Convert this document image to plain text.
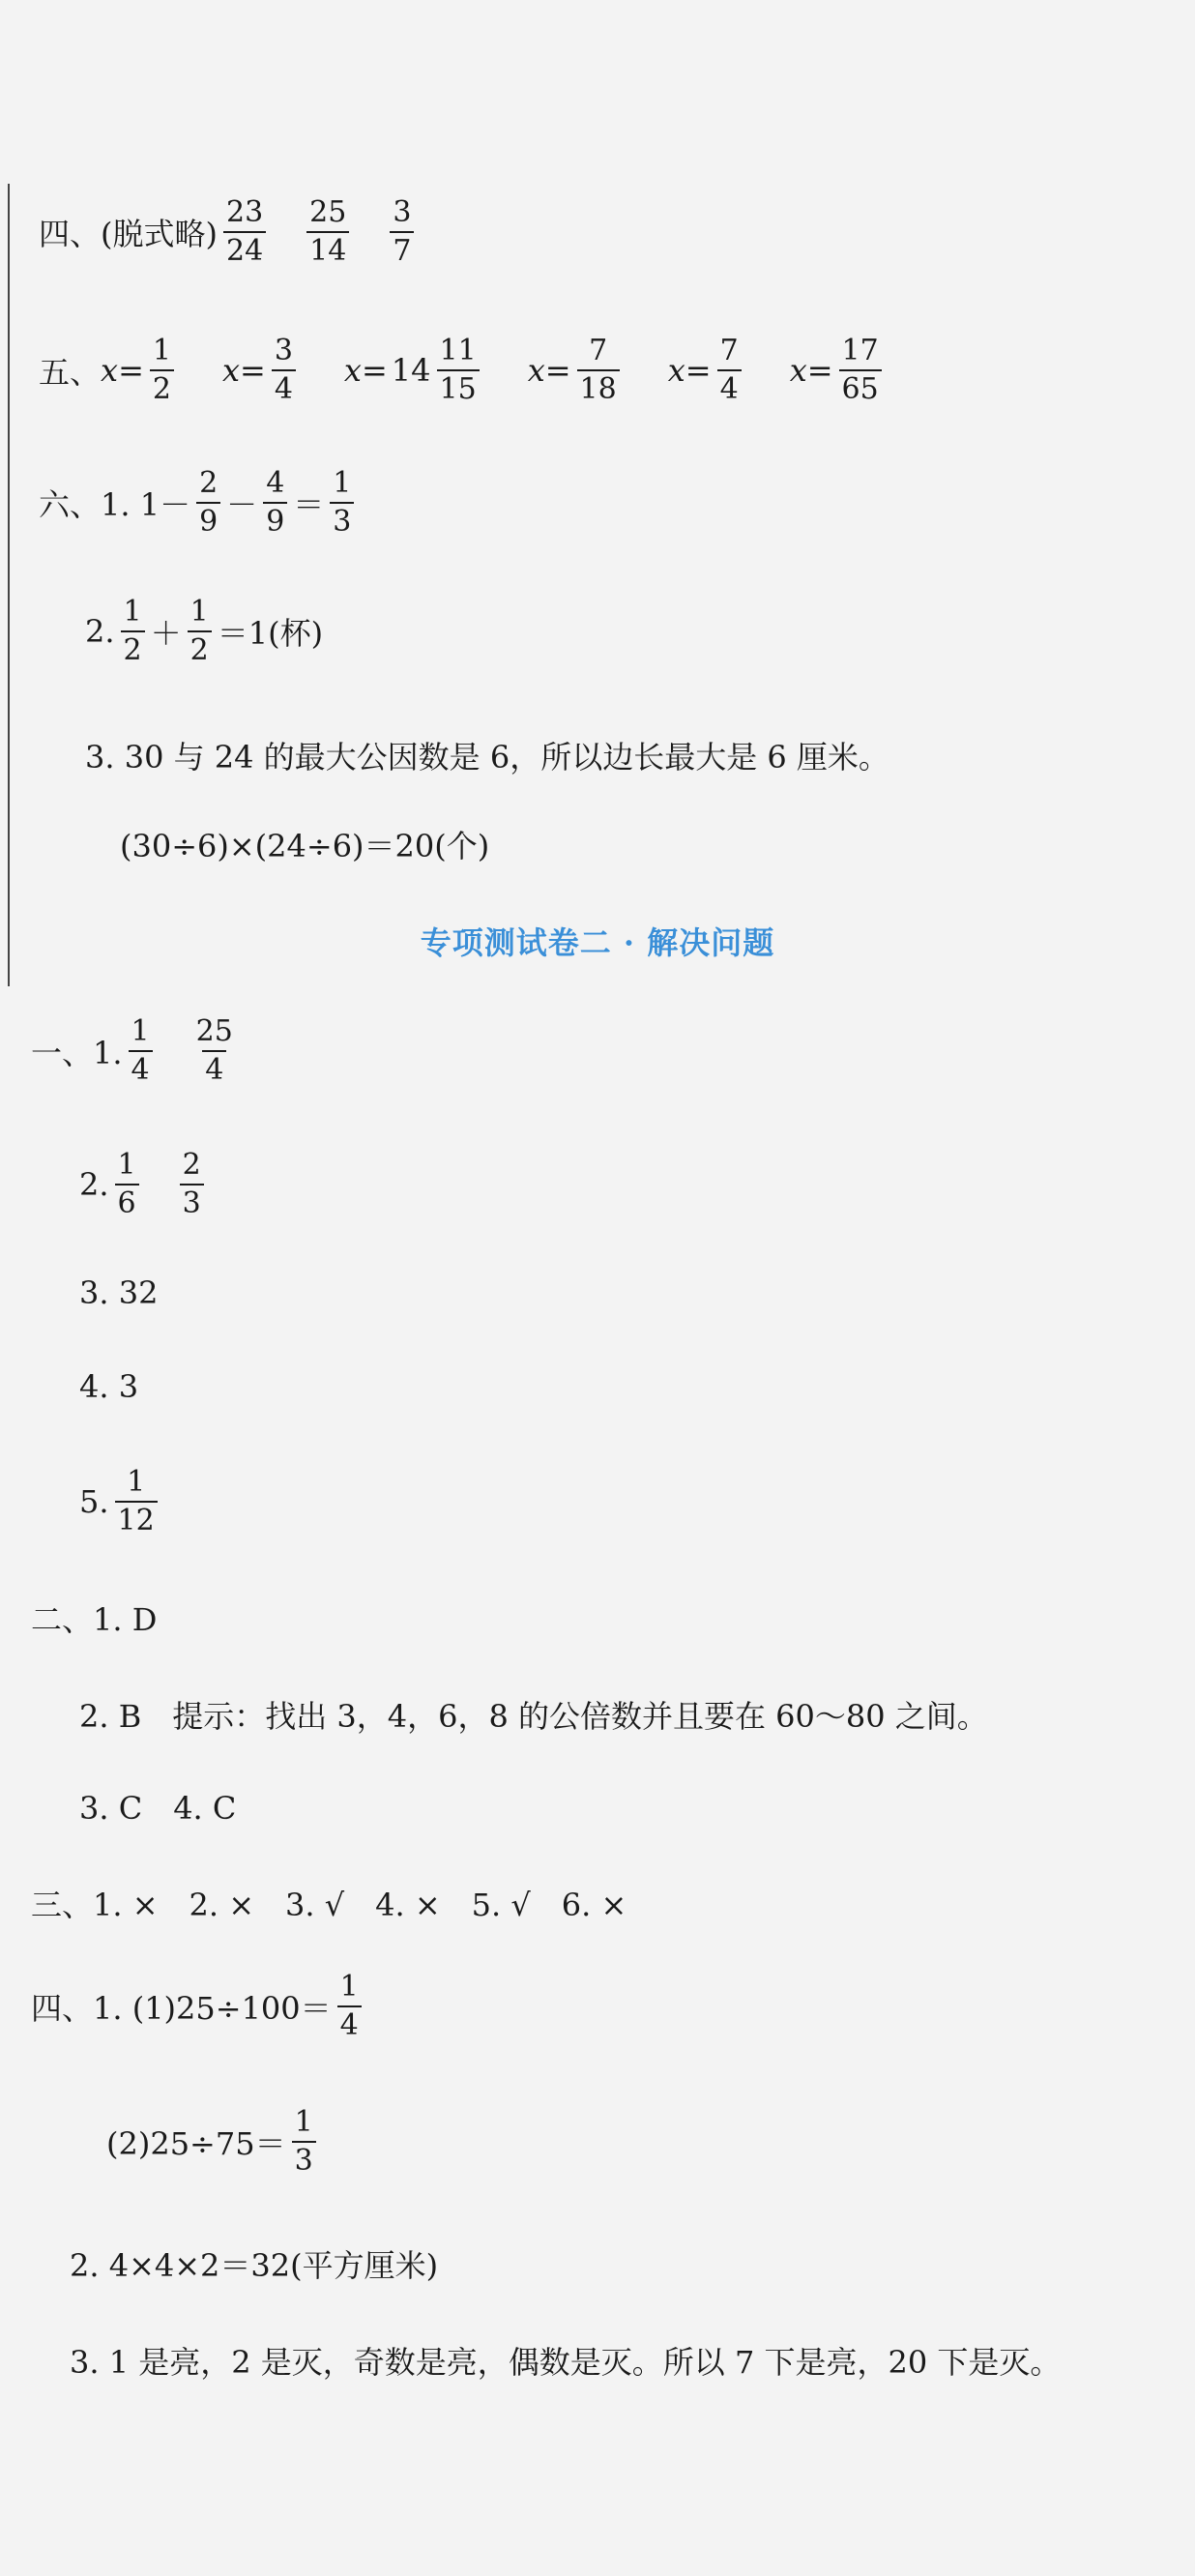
四、(脱式略) $\frac{23}{24} \frac{25}{14} \frac{3}{7}$
五、 $x = \frac{1}{2}$ $x = \frac{3}{4}$ $x = 14 \frac{11}{15}$ $x = \frac{7}{18}$ $x = \frac{7}{4}$ $x = \frac{17}{65}$
六、1. $1- \frac{2}{9} - \frac{4}{9} = \frac{1}{3}$
2. $\frac{1}{2} + \frac{1}{2} =1$(杯)
3. 30 与 24 的最大公因数是 6，所以边长最大是 6 厘米。
(30÷6)×(24÷6)＝20(个)
专项测试卷二 · 解决问题
一、1. $\frac{1}{4} \frac{25}{4}$
2. $\frac{1}{6} \frac{2}{3}$
3. 32
4. 3
5. $\frac{1}{12}$
二、1. D
2. B　提示：找出 3，4，6，8 的公倍数并且要在 60～80 之间。
3. C　4. C
三、1. ×　2. ×　3. √　4. ×　5. √　6. ×
四、1. $(1)25\div 100= \frac{1}{4}$
$(2)25\div 75= \frac{1}{3}$
2. 4×4×2＝32(平方厘米)
3. 1 是亮，2 是灭，奇数是亮，偶数是灭。所以 7 下是亮，20 下是灭。
